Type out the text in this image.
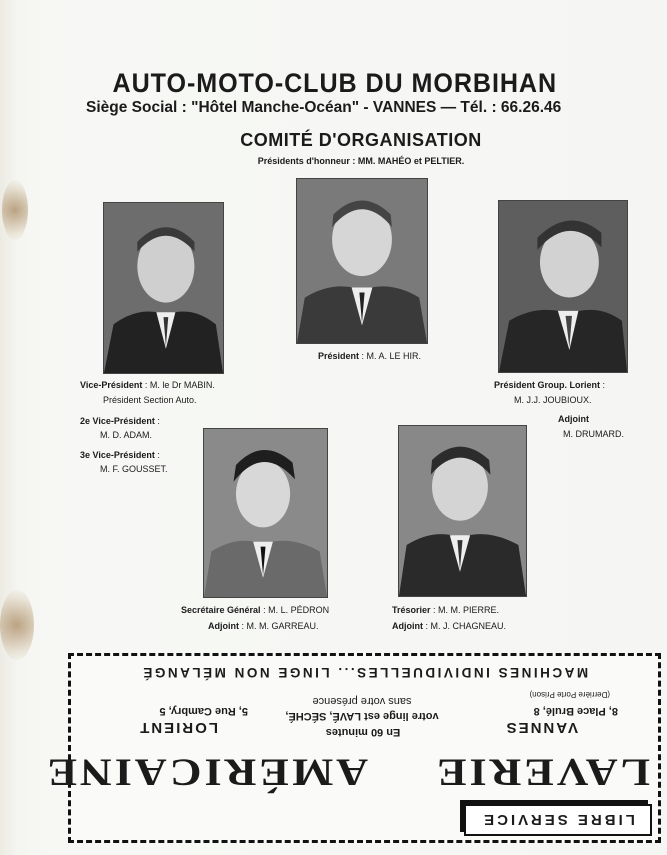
AUTO-MOTO-CLUB DU MORBIHAN
Siège Social : "Hôtel Manche-Océan" - VANNES — Tél. : 66.26.46
COMITÉ D'ORGANISATION
Présidents d'honneur : MM. MAHÉO et PELTIER.
Président : M. A. LE HIR.
Vice-Président : M. le Dr MABIN.
Président Section Auto.
2e Vice-Président :
M. D. ADAM.
3e Vice-Président :
M. F. GOUSSET.
Président Group. Lorient :
M. J.J. JOUBIOUX.
Adjoint
M. DRUMARD.
Secrétaire Général : M. L. PÉDRON
Adjoint : M. M. GARREAU.
Trésorier : M. M. PIERRE.
Adjoint : M. J. CHAGNEAU.
LIBRE SERVICE
LAVERIE
AMÉRICAINE
VANNES
LORIENT
8, Place Brulé, 8
5, Rue Cambry, 5
(Derrière Porte Prison)
En 60 minutes
votre linge est LAVÉ, SÉCHÉ,
sans votre présence
MACHINES INDIVIDUELLES... LINGE NON MÉLANGÉ
